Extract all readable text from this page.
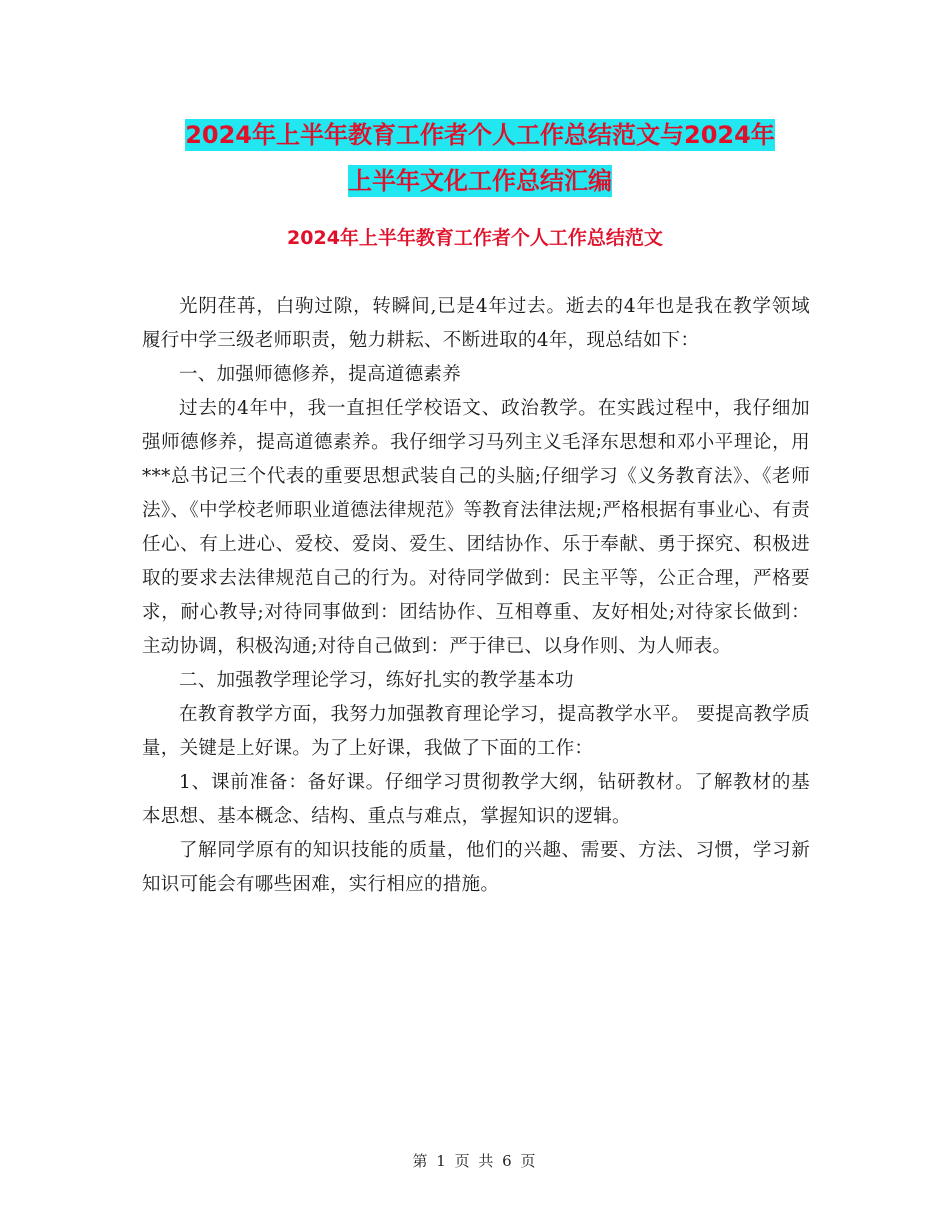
2024年上半年教育工作者个人工作总结范文与2024年
上半年文化工作总结汇编
2024年上半年教育工作者个人工作总结范文

光阴荏苒，白驹过隙，转瞬间,已是4年过去。逝去的4年也是我在教学领域履行中学三级老师职责，勉力耕耘、不断进取的4年，现总结如下：

一、加强师德修养，提高道德素养

过去的4年中，我一直担任学校语文、政治教学。在实践过程中，我仔细加强师德修养，提高道德素养。我仔细学习马列主义毛泽东思想和邓小平理论，用***总书记三个代表的重要思想武装自己的头脑;仔细学习《义务教育法》、《老师法》、《中学校老师职业道德法律规范》等教育法律法规;严格根据有事业心、有责任心、有上进心、爱校、爱岗、爱生、团结协作、乐于奉献、勇于探究、积极进取的要求去法律规范自己的行为。对待同学做到：民主平等，公正合理，严格要求，耐心教导;对待同事做到：团结协作、互相尊重、友好相处;对待家长做到：主动协调，积极沟通;对待自己做到：严于律已、以身作则、为人师表。

二、加强教学理论学习，练好扎实的教学基本功

在教育教学方面，我努力加强教育理论学习，提高教学水平。 要提高教学质量，关键是上好课。为了上好课，我做了下面的工作：

1、课前准备：备好课。仔细学习贯彻教学大纲，钻研教材。了解教材的基本思想、基本概念、结构、重点与难点，掌握知识的逻辑。

了解同学原有的知识技能的质量，他们的兴趣、需要、方法、习惯，学习新知识可能会有哪些困难，实行相应的措施。

第 1 页 共 6 页
